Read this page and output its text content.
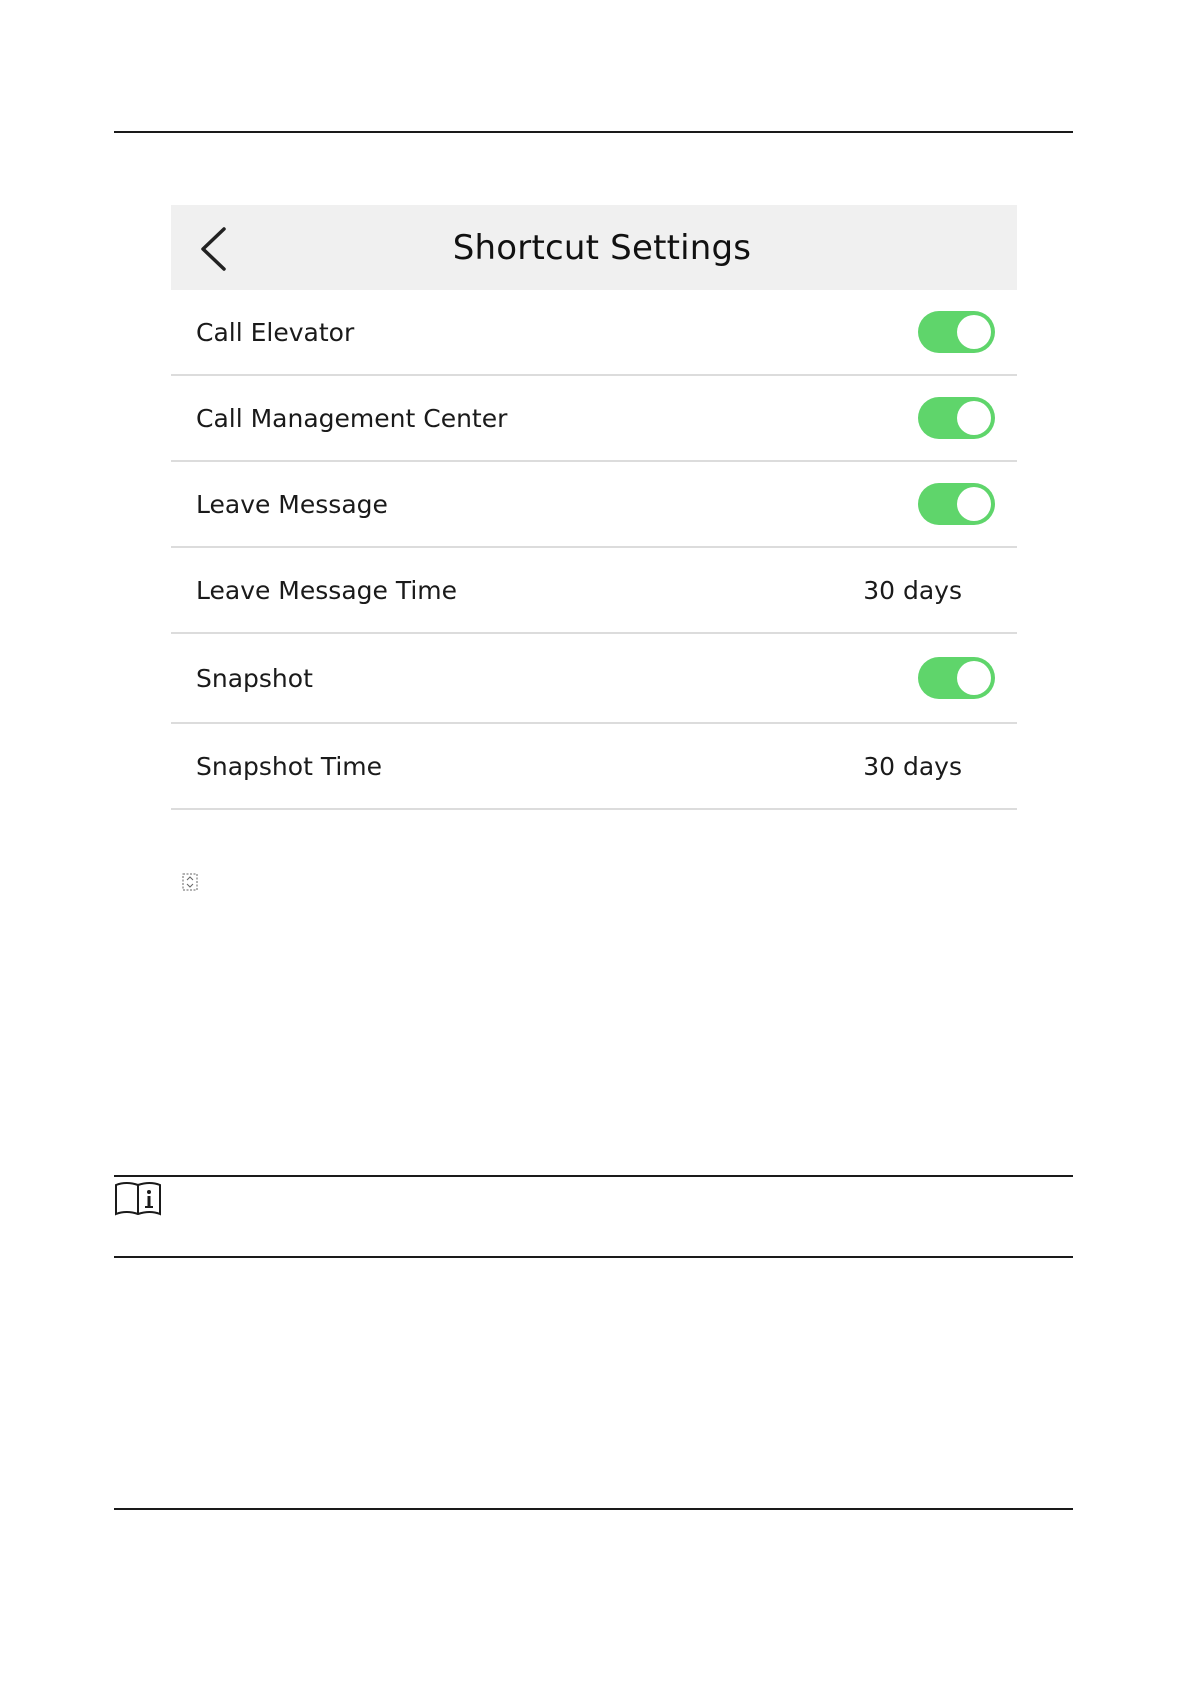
Shortcut Settings
Call Elevator
Call Management Center
Leave Message
Leave Message Time	30 days
Snapshot
Snapshot Time	30 days
